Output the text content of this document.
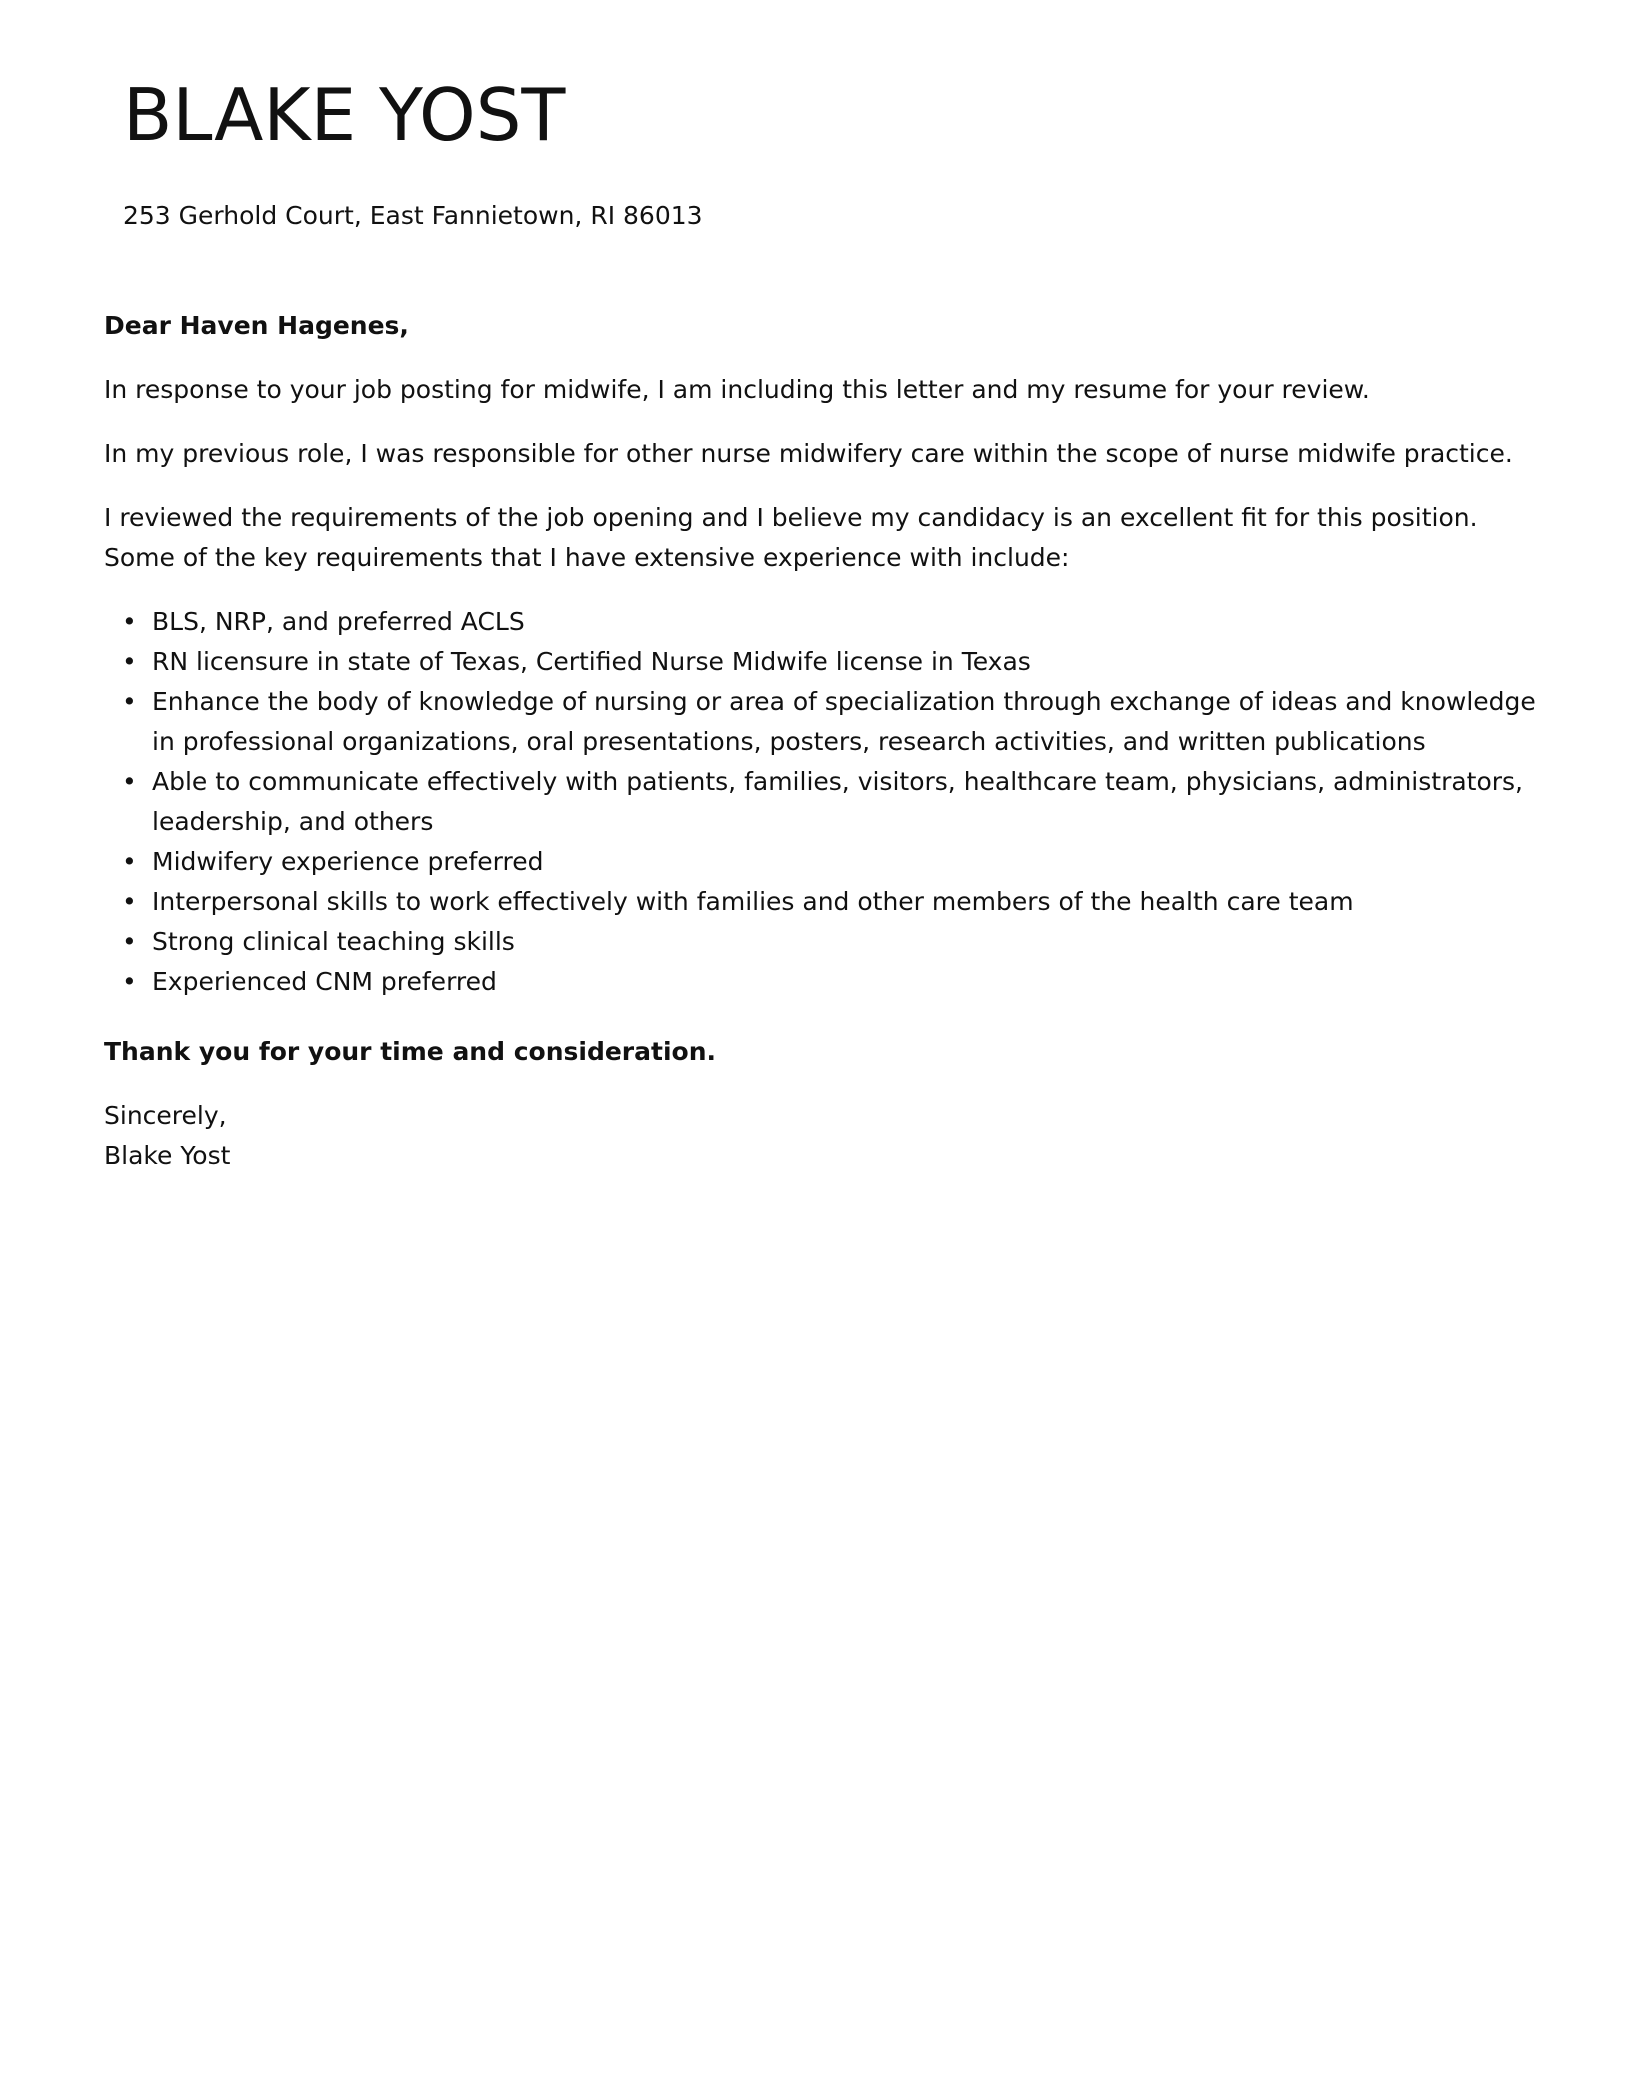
BLAKE YOST
253 Gerhold Court, East Fannietown, RI 86013

Dear Haven Hagenes,

In response to your job posting for midwife, I am including this letter and my resume for your review.

In my previous role, I was responsible for other nurse midwifery care within the scope of nurse midwife practice.

I reviewed the requirements of the job opening and I believe my candidacy is an excellent fit for this position. Some of the key requirements that I have extensive experience with include:

• BLS, NRP, and preferred ACLS
• RN licensure in state of Texas, Certified Nurse Midwife license in Texas
• Enhance the body of knowledge of nursing or area of specialization through exchange of ideas and knowledge in professional organizations, oral presentations, posters, research activities, and written publications
• Able to communicate effectively with patients, families, visitors, healthcare team, physicians, administrators, leadership, and others
• Midwifery experience preferred
• Interpersonal skills to work effectively with families and other members of the health care team
• Strong clinical teaching skills
• Experienced CNM preferred

Thank you for your time and consideration.

Sincerely,

Blake Yost
